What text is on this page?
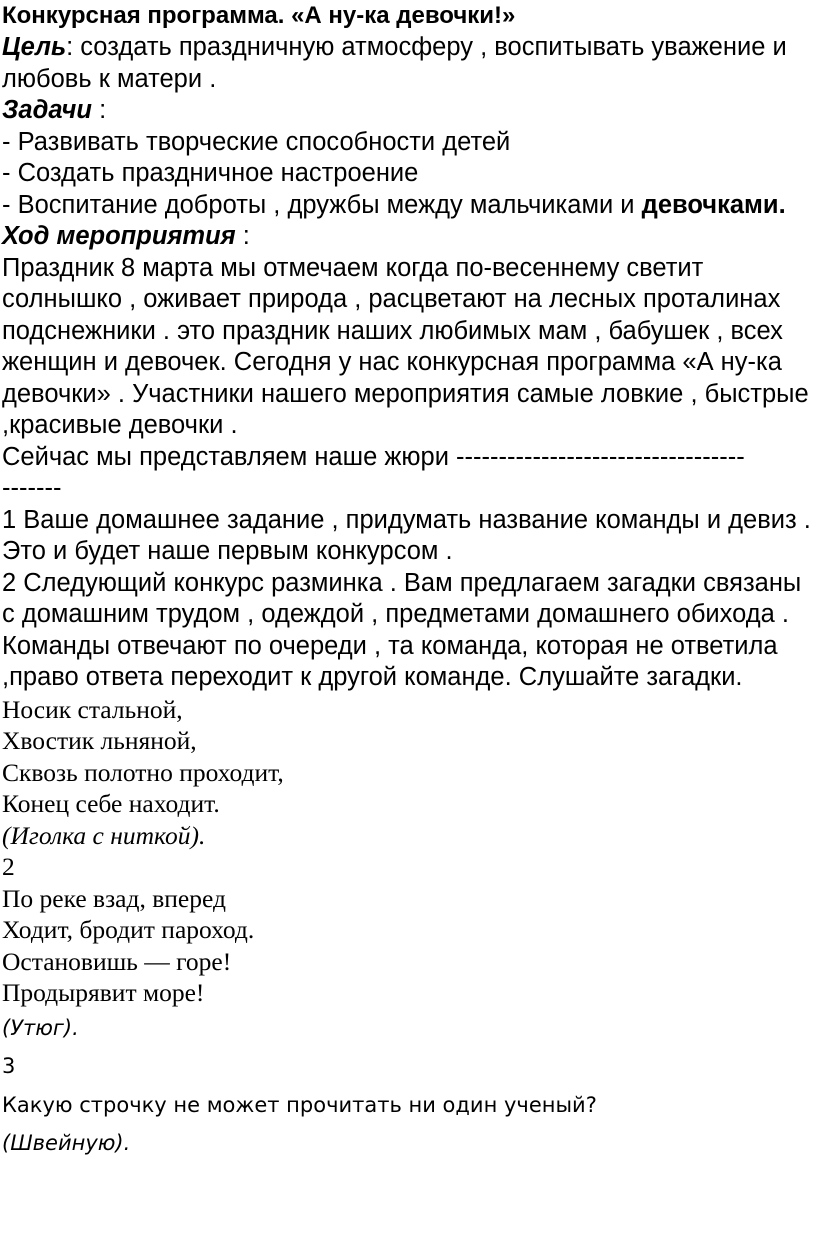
Конкурсная программа. «А ну-ка девочки!»

Цель: создать праздничную атмосферу , воспитывать уважение и любовь к матери .

Задачи :

- Развивать творческие способности детей

- Создать праздничное настроение

- Воспитание доброты , дружбы между мальчиками и девочками.

Ход мероприятия :

Праздник 8 марта мы отмечаем когда по-весеннему светит солнышко , оживает природа , расцветают на лесных проталинах подснежники . это праздник наших любимых мам , бабушек , всех женщин и девочек. Сегодня у нас конкурсная программа «А ну-ка девочки» . Участники нашего мероприятия самые ловкие , быстрые ,красивые девочки .

Сейчас мы представляем наше жюри ----------------------------------

-------

1 Ваше домашнее задание , придумать название команды и девиз . Это и будет наше первым конкурсом .

2 Следующий конкурс разминка . Вам предлагаем загадки связаны с домашним трудом , одеждой , предметами домашнего обихода . Команды отвечают по очереди , та команда, которая не ответила ,право ответа переходит к другой команде. Слушайте загадки.

Носик стальной,

Хвостик льняной,

Сквозь полотно проходит,

Конец себе находит.

(Иголка с ниткой).

2

По реке взад, вперед

Ходит, бродит пароход.

Остановишь — горе!

Продырявит море!

(Утюг).

3

Какую строчку не может прочитать ни один ученый?

(Швейную).
